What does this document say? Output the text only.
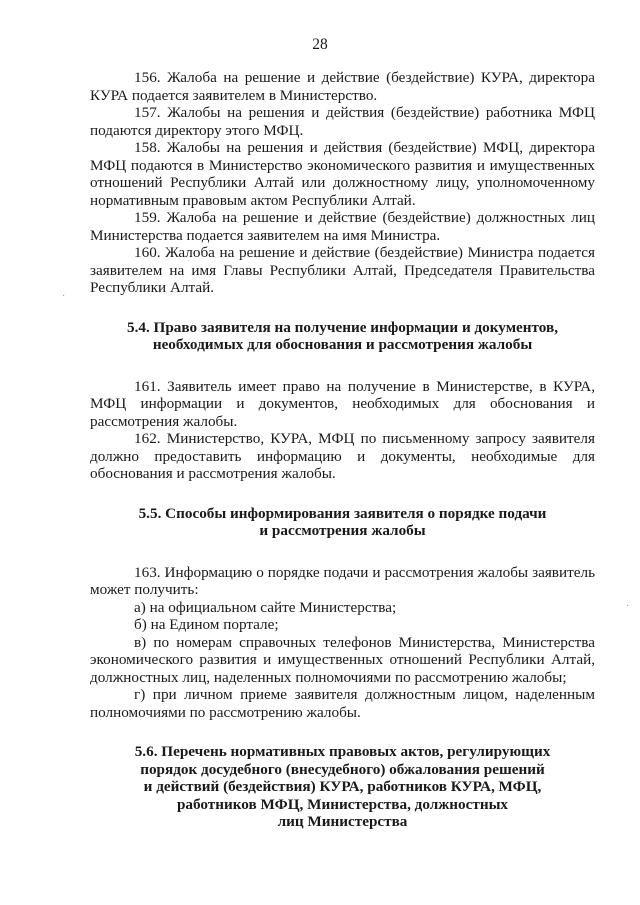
28
·
·

156. Жалоба на решение и действие (бездействие) КУРА, директора КУРА подается заявителем в Министерство.

157. Жалобы на решения и действия (бездействие) работника МФЦ подаются директору этого МФЦ.

158. Жалобы на решения и действия (бездействие) МФЦ, директора МФЦ подаются в Министерство экономического развития и имущественных отношений Республики Алтай или должностному лицу, уполномоченному нормативным правовым актом Республики Алтай.

159. Жалоба на решение и действие (бездействие) должностных лиц Министерства подается заявителем на имя Министра.

160. Жалоба на решение и действие (бездействие) Министра подается заявителем на имя Главы Республики Алтай, Председателя Правительства Республики Алтай.

5.4. Право заявителя на получение информации и документов,
необходимых для обоснования и рассмотрения жалобы

161. Заявитель имеет право на получение в Министерстве, в КУРА, МФЦ информации и документов, необходимых для обоснования и рассмотрения жалобы.

162. Министерство, КУРА, МФЦ по письменному запросу заявителя должно предоставить информацию и документы, необходимые для обоснования и рассмотрения жалобы.

5.5. Способы информирования заявителя о порядке подачи
и рассмотрения жалобы

163. Информацию о порядке подачи и рассмотрения жалобы заявитель может получить:

а) на официальном сайте Министерства;

б) на Едином портале;

в) по номерам справочных телефонов Министерства, Министерства экономического развития и имущественных отношений Республики Алтай, должностных лиц, наделенных полномочиями по рассмотрению жалобы;

г) при личном приеме заявителя должностным лицом, наделенным полномочиями по рассмотрению жалобы.

5.6. Перечень нормативных правовых актов, регулирующих
порядок досудебного (внесудебного) обжалования решений
и действий (бездействия) КУРА, работников КУРА, МФЦ,
работников МФЦ, Министерства, должностных
лиц Министерства
